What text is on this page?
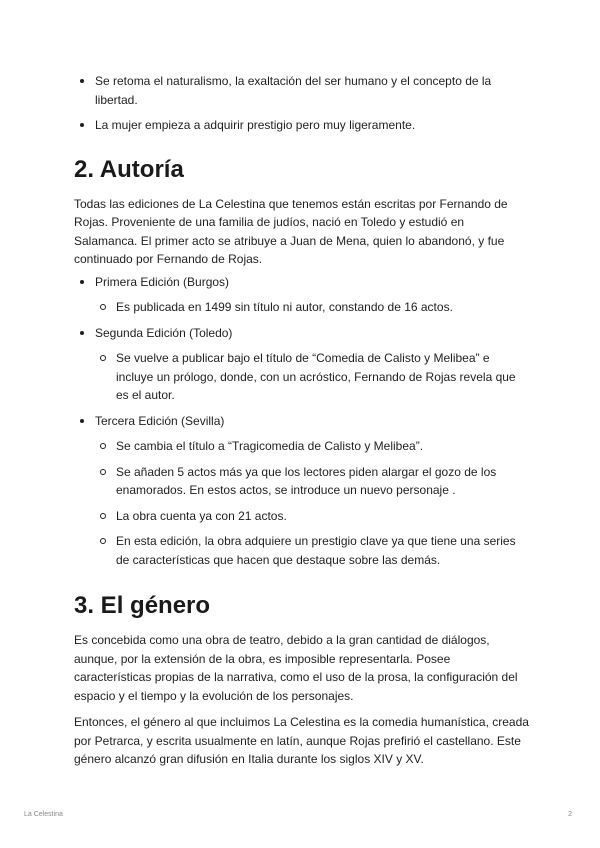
Se retoma el naturalismo, la exaltación del ser humano y el concepto de la libertad.
La mujer empieza a adquirir prestigio pero muy ligeramente.
2. Autoría

Todas las ediciones de La Celestina que tenemos están escritas por Fernando de Rojas. Proveniente de una familia de judíos, nació en Toledo y estudió en Salamanca. El primer acto se atribuye a Juan de Mena, quien lo abandonó, y fue continuado por Fernando de Rojas.

Primera Edición (Burgos)
Es publicada en 1499 sin título ni autor, constando de 16 actos.
Segunda Edición (Toledo)
Se vuelve a publicar bajo el título de “Comedia de Calisto y Melibea” e incluye un prólogo, donde, con un acróstico, Fernando de Rojas revela que es el autor.
Tercera Edición (Sevilla)
Se cambia el título a “Tragicomedia de Calisto y Melibea”.
Se añaden 5 actos más ya que los lectores piden alargar el gozo de los enamorados. En estos actos, se introduce un nuevo personaje .
La obra cuenta ya con 21 actos.
En esta edición, la obra adquiere un prestigio clave ya que tiene una series de características que hacen que destaque sobre las demás.
3. El género

Es concebida como una obra de teatro, debido a la gran cantidad de diálogos, aunque, por la extensión de la obra, es imposible representarla. Posee características propias de la narrativa, como el uso de la prosa, la configuración del espacio y el tiempo y la evolución de los personajes.

Entonces, el género al que incluimos La Celestina es la comedia humanística, creada por Petrarca, y escrita usualmente en latín, aunque Rojas prefirió el castellano. Este género alcanzó gran difusión en Italia durante los siglos XIV y XV.

La Celestina	2
